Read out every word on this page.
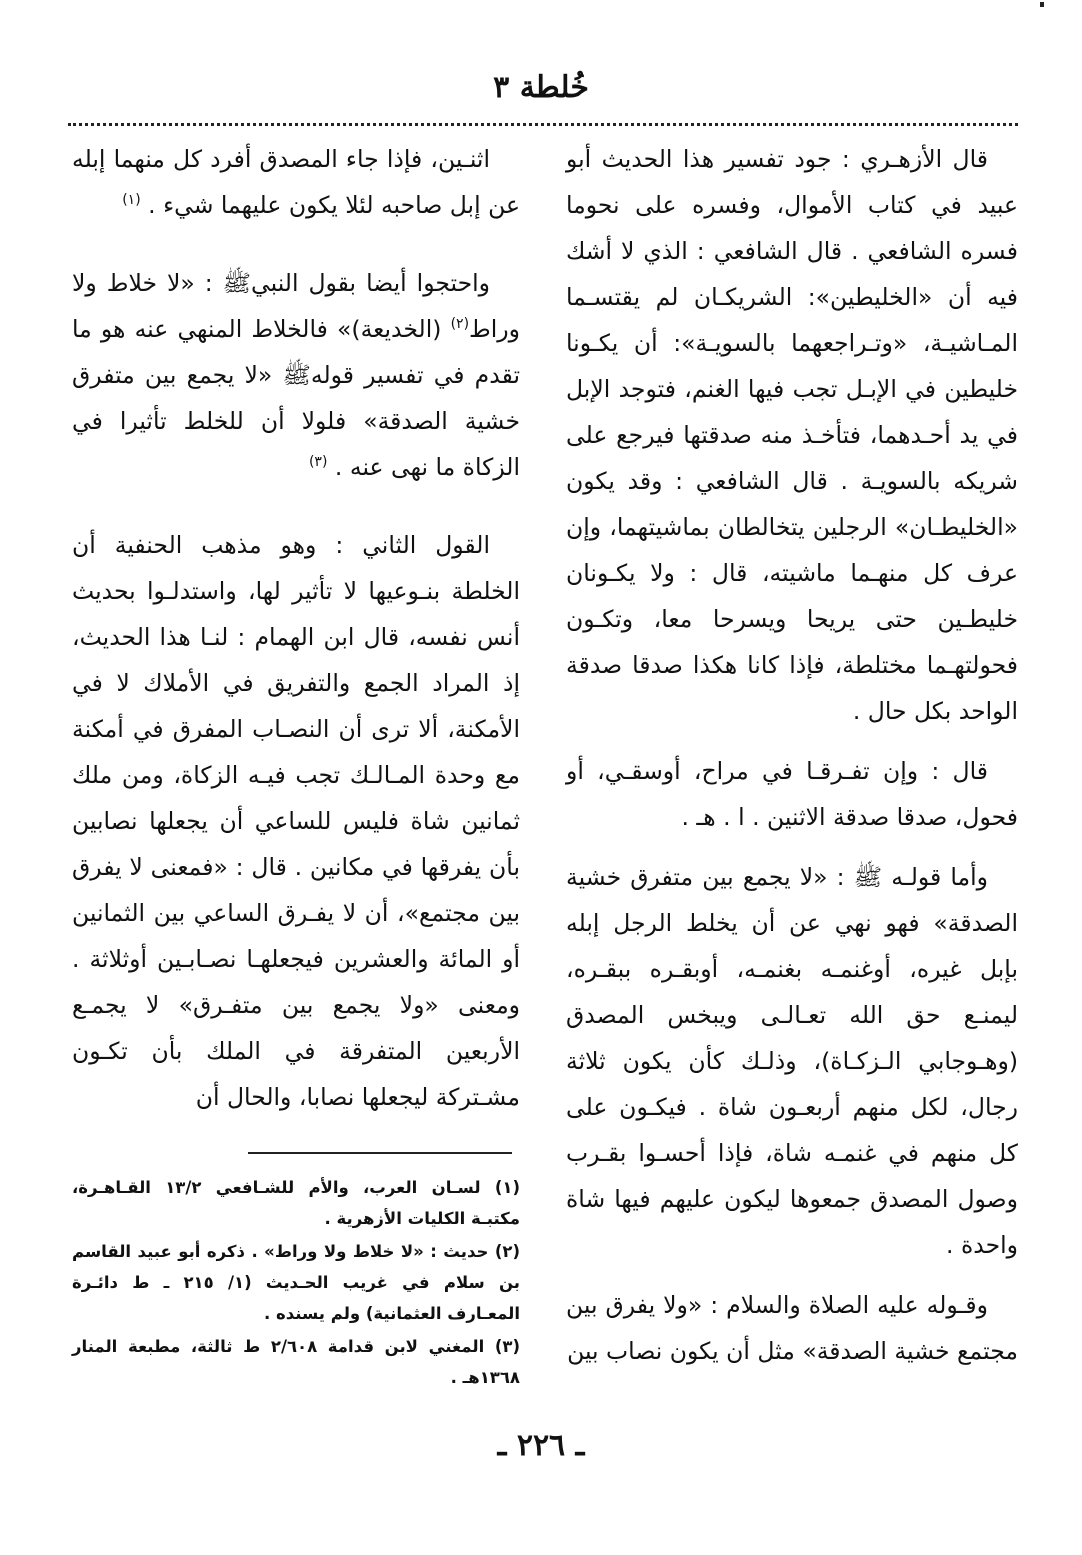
خُلطة ٣

قال الأزهـري : جود تفسير هذا الحديث أبو عبيد في كتاب الأموال، وفسره على نحوما فسره الشافعي . قال الشافعي : الذي لا أشك فيه أن «الخليطين»: الشريكـان لم يقتسـما المـاشيـة، «وتـراجعهما بالسويـة»: أن يكـونا خليطين في الإبـل تجب فيها الغنم، فتوجد الإبل في يد أحـدهما، فتأخـذ منه صدقتها فيرجع على شريكه بالسويـة . قال الشافعي : وقد يكون «الخليطـان» الرجلين يتخالطان بماشيتهما، وإن عرف كل منهـما ماشيته، قال : ولا يكـونان خليطـين حتى يريحا ويسرحا معا، وتكـون فحولتهـما مختلطة، فإذا كانا هكذا صدقا صدقة الواحد بكل حال .

قال : وإن تفـرقـا في مراح، أوسقـي، أو فحول، صدقا صدقة الاثنين . ا . هـ .

وأما قولـه ﷺ : «لا يجمع بين متفرق خشية الصدقة» فهو نهي عن أن يخلط الرجل إبله بإبل غيره، أوغنمـه بغنمـه، أوبقـره ببقـره، ليمنـع حق الله تعـالـى ويبخس المصدق (وهـوجابي الـزكـاة)، وذلـك كأن يكون ثلاثة رجال، لكل منهم أربعـون شاة . فيكـون على كل منهم في غنمـه شاة، فإذا أحسـوا بقـرب وصول المصدق جمعوها ليكون عليهم فيها شاة واحدة .

وقـوله عليه الصلاة والسلام : «ولا يفرق بين مجتمع خشية الصدقة» مثل أن يكون نصاب بين

اثنـين، فإذا جاء المصدق أفرد كل منهما إبله عن إبل صاحبه لئلا يكون عليهما شيء . $^{(١)}$

واحتجوا أيضا بقول النبيﷺ : «لا خلاط ولا وراط$^{(٢)}$ (الخديعة)» فالخلاط المنهي عنه هو ما تقدم في تفسير قولهﷺ «لا يجمع بين متفرق خشية الصدقة» فلولا أن للخلط تأثيرا في الزكاة ما نهى عنه . $^{(٣)}$

القول الثاني : وهو مذهب الحنفية أن الخلطة بنـوعيها لا تأثير لها، واستدلـوا بحديث أنس نفسه، قال ابن الهمام : لنـا هذا الحديث، إذ المراد الجمع والتفريق في الأملاك لا في الأمكنة، ألا ترى أن النصـاب المفرق في أمكنة مع وحدة المـالـك تجب فيـه الزكاة، ومن ملك ثمانين شاة فليس للساعي أن يجعلها نصابين بأن يفرقها في مكانين . قال : «فمعنى لا يفرق بين مجتمع»، أن لا يفـرق الساعي بين الثمانين أو المائة والعشرين فيجعلهـا نصـابـين أوثلاثة . ومعنى «ولا يجمع بين متفـرق» لا يجمـع الأربعين المتفرقة في الملك بأن تكـون مشـتركة ليجعلها نصابا، والحال أن

(١) لسـان العرب، والأم للشـافعي ١٣/٢ القـاهـرة، مكتبـة الكليات الأزهرية .

(٢) حديث : «لا خلاط ولا وراط» . ذكره أبو عبيد القاسم بن سلام في غريب الحـديث (١/ ٢١٥ ـ ط دائـرة المعـارف العثمانية) ولم يسنده .

(٣) المغني لابن قدامة ٢/٦٠٨ ط ثالثة، مطبعة المنار ١٣٦٨هـ .

ـ ٢٢٦ ـ
